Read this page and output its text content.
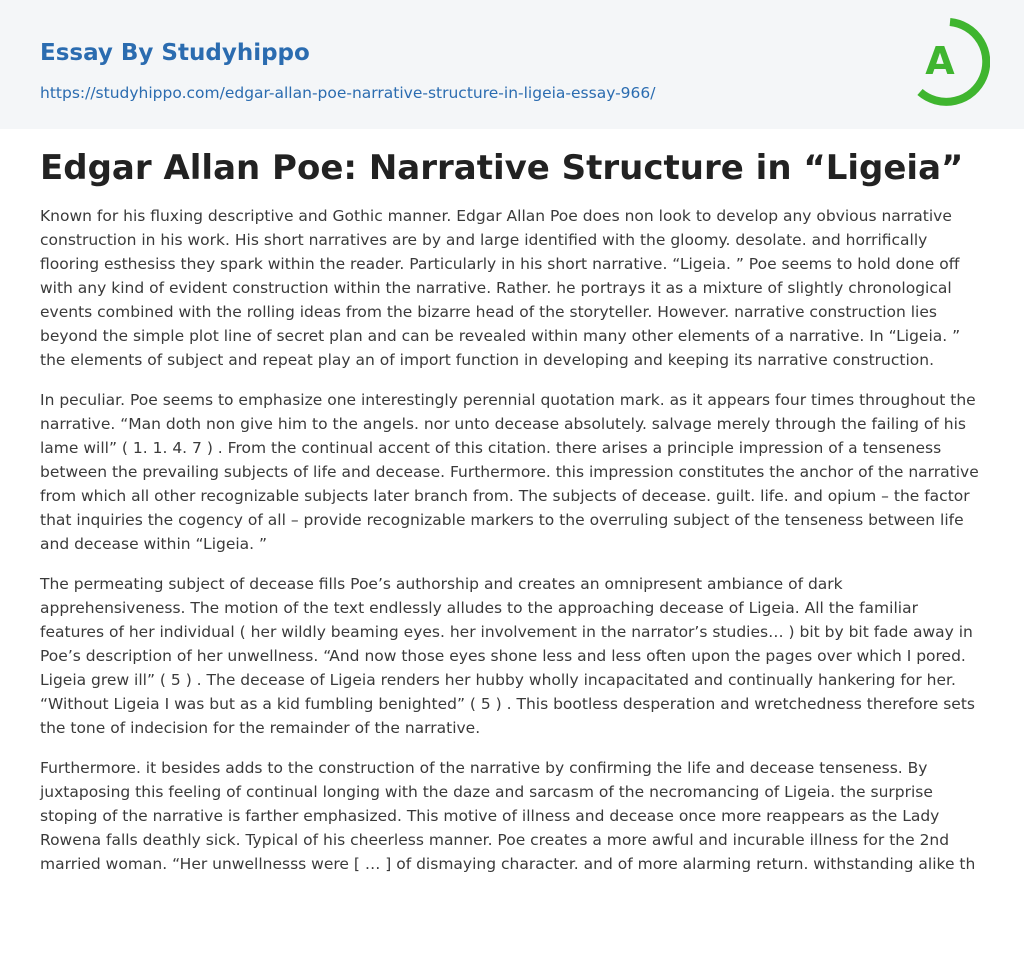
Essay By Studyhippo
https://studyhippo.com/edgar-allan-poe-narrative-structure-in-ligeia-essay-966/
A
Edgar Allan Poe: Narrative Structure in “Ligeia”

Known for his fluxing descriptive and Gothic manner. Edgar Allan Poe does non look to develop any obvious narrative construction in his work. His short narratives are by and large identified with the gloomy. desolate. and horrifically flooring esthesiss they spark within the reader. Particularly in his short narrative. “Ligeia. ” Poe seems to hold done off with any kind of evident construction within the narrative. Rather. he portrays it as a mixture of slightly chronological events combined with the rolling ideas from the bizarre head of the storyteller. However. narrative construction lies beyond the simple plot line of secret plan and can be revealed within many other elements of a narrative. In “Ligeia. ” the elements of subject and repeat play an of import function in developing and keeping its narrative construction.

In peculiar. Poe seems to emphasize one interestingly perennial quotation mark. as it appears four times throughout the narrative. “Man doth non give him to the angels. nor unto decease absolutely. salvage merely through the failing of his lame will” ( 1. 1. 4. 7 ) . From the continual accent of this citation. there arises a principle impression of a tenseness between the prevailing subjects of life and decease. Furthermore. this impression constitutes the anchor of the narrative from which all other recognizable subjects later branch from. The subjects of decease. guilt. life. and opium – the factor that inquiries the cogency of all – provide recognizable markers to the overruling subject of the tenseness between life and decease within “Ligeia. ”

The permeating subject of decease fills Poe’s authorship and creates an omnipresent ambiance of dark apprehensiveness. The motion of the text endlessly alludes to the approaching decease of Ligeia. All the familiar features of her individual ( her wildly beaming eyes. her involvement in the narrator’s studies… ) bit by bit fade away in Poe’s description of her unwellness. “And now those eyes shone less and less often upon the pages over which I pored. Ligeia grew ill” ( 5 ) . The decease of Ligeia renders her hubby wholly incapacitated and continually hankering for her. “Without Ligeia I was but as a kid fumbling benighted” ( 5 ) . This bootless desperation and wretchedness therefore sets the tone of indecision for the remainder of the narrative.

Furthermore. it besides adds to the construction of the narrative by confirming the life and decease tenseness. By juxtaposing this feeling of continual longing with the daze and sarcasm of the necromancing of Ligeia. the surprise stoping of the narrative is farther emphasized. This motive of illness and decease once more reappears as the Lady Rowena falls deathly sick. Typical of his cheerless manner. Poe creates a more awful and incurable illness for the 2nd married woman. “Her unwellnesss were [ … ] of dismaying character. and of more alarming return. withstanding alike th
